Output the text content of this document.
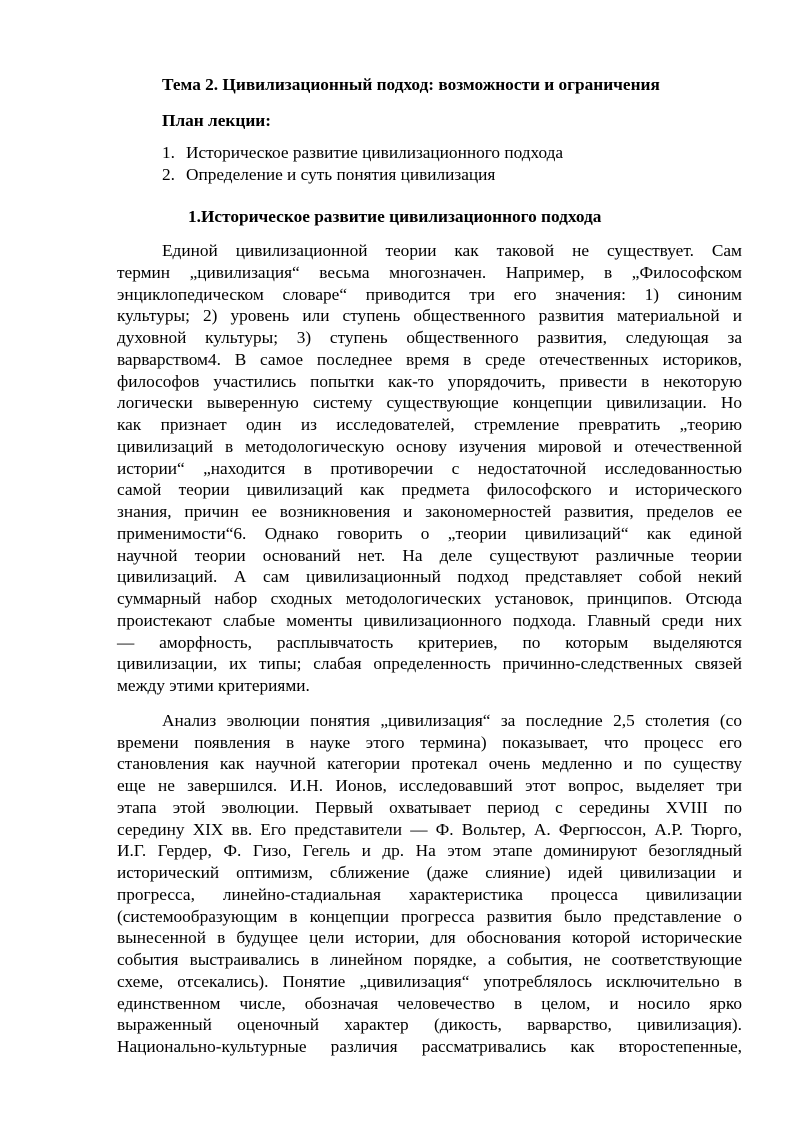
Тема 2. Цивилизационный подход: возможности и ограничения
План лекции:
1. Историческое развитие цивилизационного подхода
2. Определение и суть понятия цивилизация
1.Историческое развитие цивилизационного подхода
Единой цивилизационной теории как таковой не существует. Сам
термин „цивилизация“ весьма многозначен. Например, в „Философском
энциклопедическом словаре“ приводится три его значения: 1) синоним
культуры; 2) уровень или ступень общественного развития материальной и
духовной культуры; 3) ступень общественного развития, следующая за
варварством4. В самое последнее время в среде отечественных историков,
философов участились попытки как-то упорядочить, привести в некоторую
логически выверенную систему существующие концепции цивилизации. Но
как признает один из исследователей, стремление превратить „теорию
цивилизаций в методологическую основу изучения мировой и отечественной
истории“ „находится в противоречии с недостаточной исследованностью
самой теории цивилизаций как предмета философского и исторического
знания, причин ее возникновения и закономерностей развития, пределов ее
применимости“6. Однако говорить о „теории цивилизаций“ как единой
научной теории оснований нет. На деле существуют различные теории
цивилизаций. А сам цивилизационный подход представляет собой некий
суммарный набор сходных методологических установок, принципов. Отсюда
проистекают слабые моменты цивилизационного подхода. Главный среди них
— аморфность, расплывчатость критериев, по которым выделяются
цивилизации, их типы; слабая определенность причинно-следственных связей
между этими критериями.
Анализ эволюции понятия „цивилизация“ за последние 2,5 столетия (со
времени появления в науке этого термина) показывает, что процесс его
становления как научной категории протекал очень медленно и по существу
еще не завершился. И.Н. Ионов, исследовавший этот вопрос, выделяет три
этапа этой эволюции. Первый охватывает период с середины XVIII по
середину XIX вв. Его представители — Ф. Вольтер, А. Фергюссон, А.Р. Тюрго,
И.Г. Гердер, Ф. Гизо, Гегель и др. На этом этапе доминируют безоглядный
исторический оптимизм, сближение (даже слияние) идей цивилизации и
прогресса, линейно-стадиальная характеристика процесса цивилизации
(системообразующим в концепции прогресса развития было представление о
вынесенной в будущее цели истории, для обоснования которой исторические
события выстраивались в линейном порядке, а события, не соответствующие
схеме, отсекались). Понятие „цивилизация“ употреблялось исключительно в
единственном числе, обозначая человечество в целом, и носило ярко
выраженный оценочный характер (дикость, варварство, цивилизация).
Национально-культурные различия рассматривались как второстепенные,
